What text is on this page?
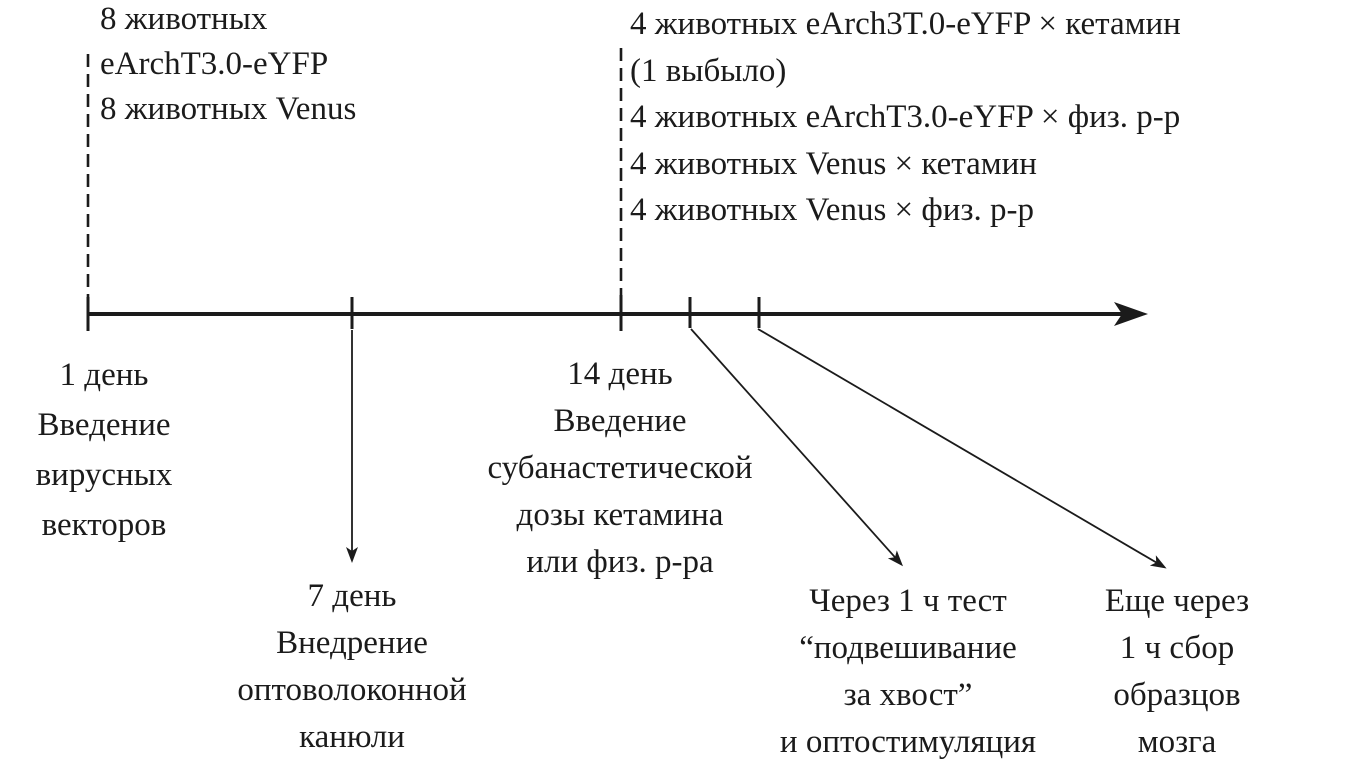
8 животных
eArchT3.0-eYFP
8 животных Venus
4 животных eArch3T.0-eYFP × кетамин
(1 выбыло)
4 животных eArchT3.0-eYFP × физ. р-р
4 животных Venus × кетамин
4 животных Venus × физ. р-р
1 день
Введение
вирусных
векторов
7 день
Внедрение
оптоволоконной
канюли
14 день
Введение
субанастетической
дозы кетамина
или физ. р-ра
Через 1 ч тест
“подвешивание
за хвост”
и оптостимуляция
Еще через
1 ч сбор
образцов
мозга
